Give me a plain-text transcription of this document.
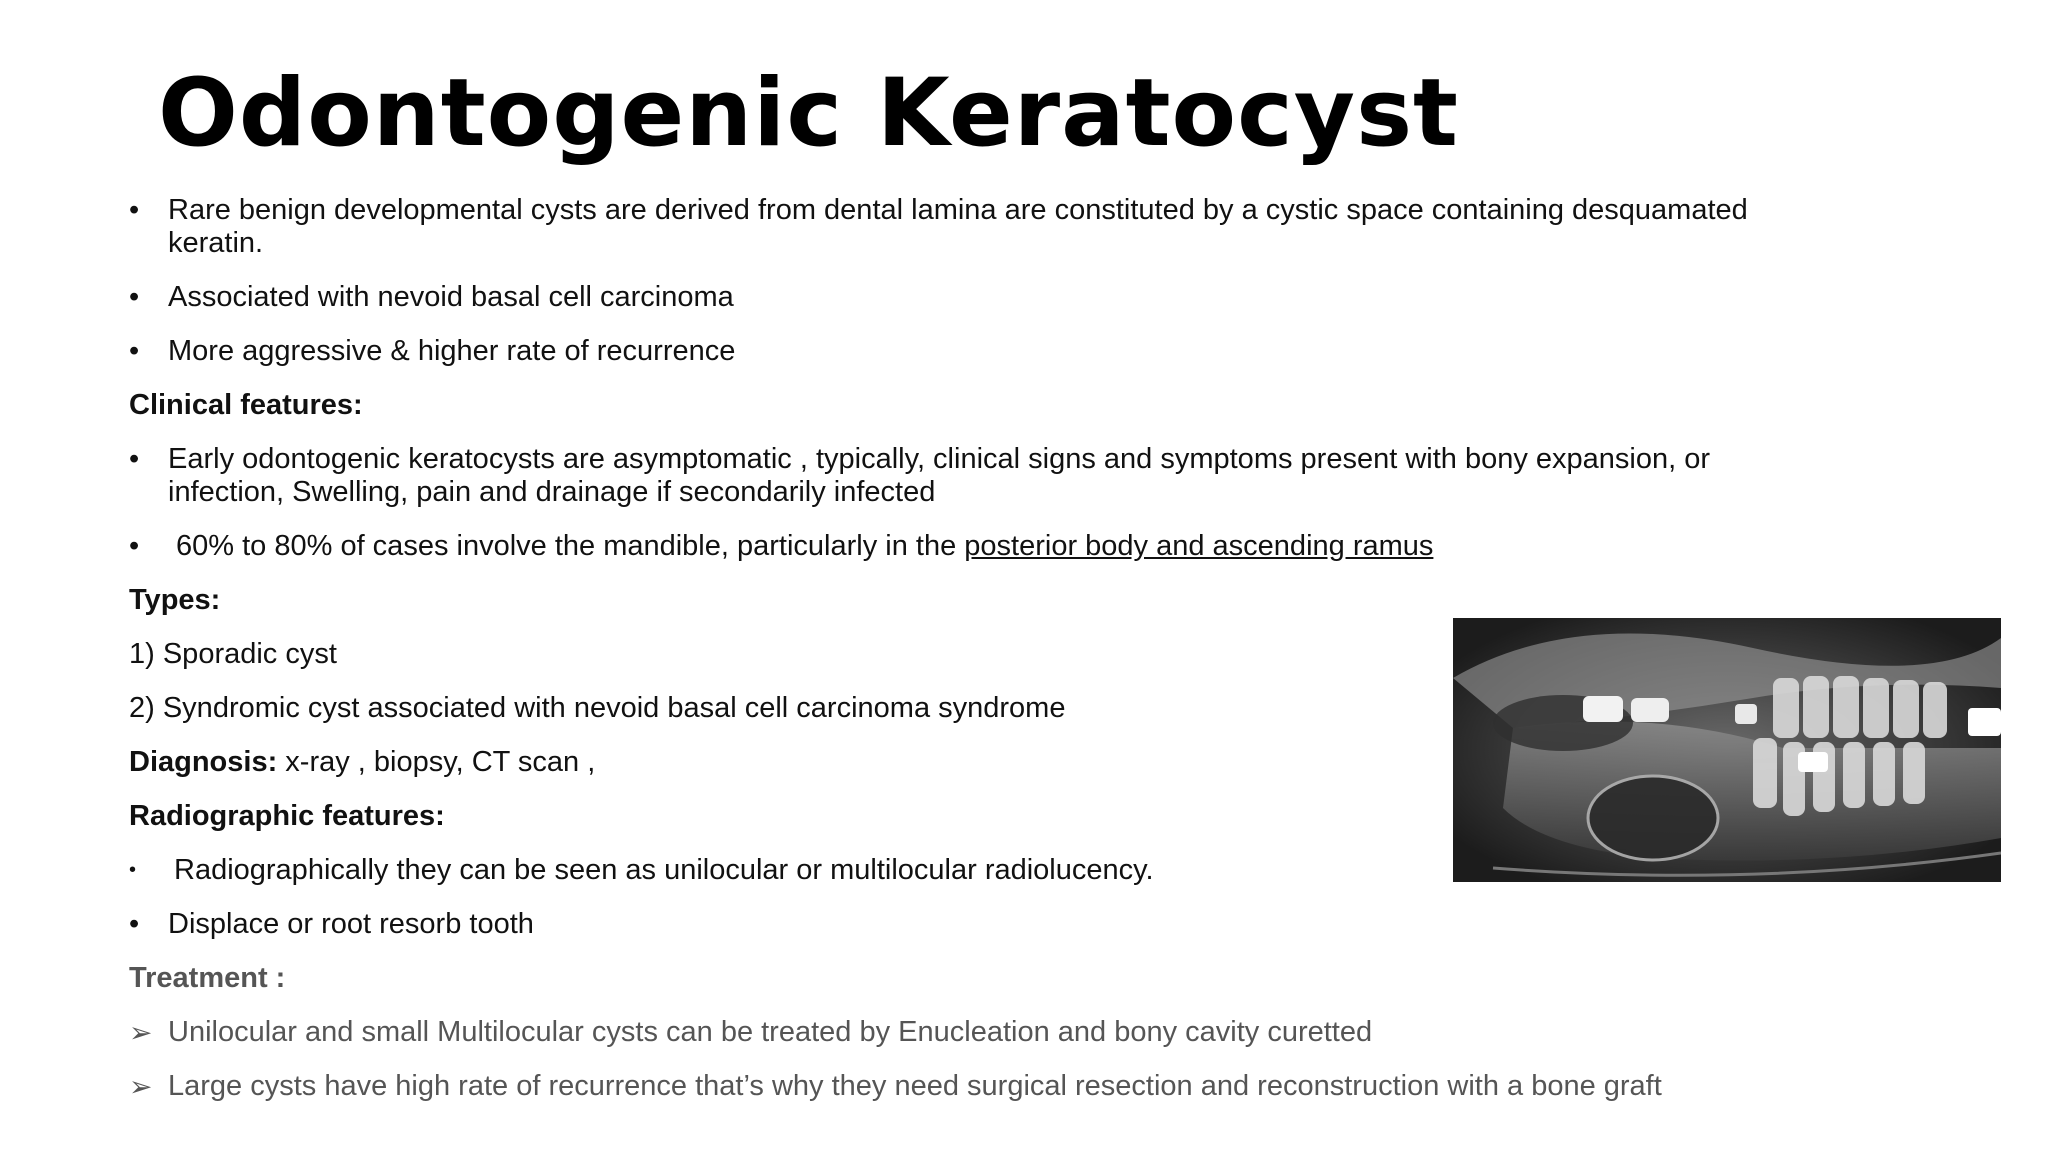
Odontogenic Keratocyst
• Rare benign developmental cysts are derived from dental lamina are constituted by a cystic space containing desquamated
keratin.
• Associated with nevoid basal cell carcinoma
• More aggressive & higher rate of recurrence

Clinical features:

• Early odontogenic keratocysts are asymptomatic , typically, clinical signs and symptoms present with bony expansion, or
infection, Swelling, pain and drainage if secondarily infected
• 60% to 80% of cases involve the mandible, particularly in the posterior body and ascending ramus

Types:

1) Sporadic cyst

2) Syndromic cyst associated with nevoid basal cell carcinoma syndrome

Diagnosis: x-ray , biopsy, CT scan ,

Radiographic features:

• Radiographically they can be seen as unilocular or multilocular radiolucency.
• Displace or root resorb tooth

Treatment :

➢ Unilocular and small Multilocular cysts can be treated by Enucleation and bony cavity curetted
➢ Large cysts have high rate of recurrence that’s why they need surgical resection and reconstruction with a bone graft
